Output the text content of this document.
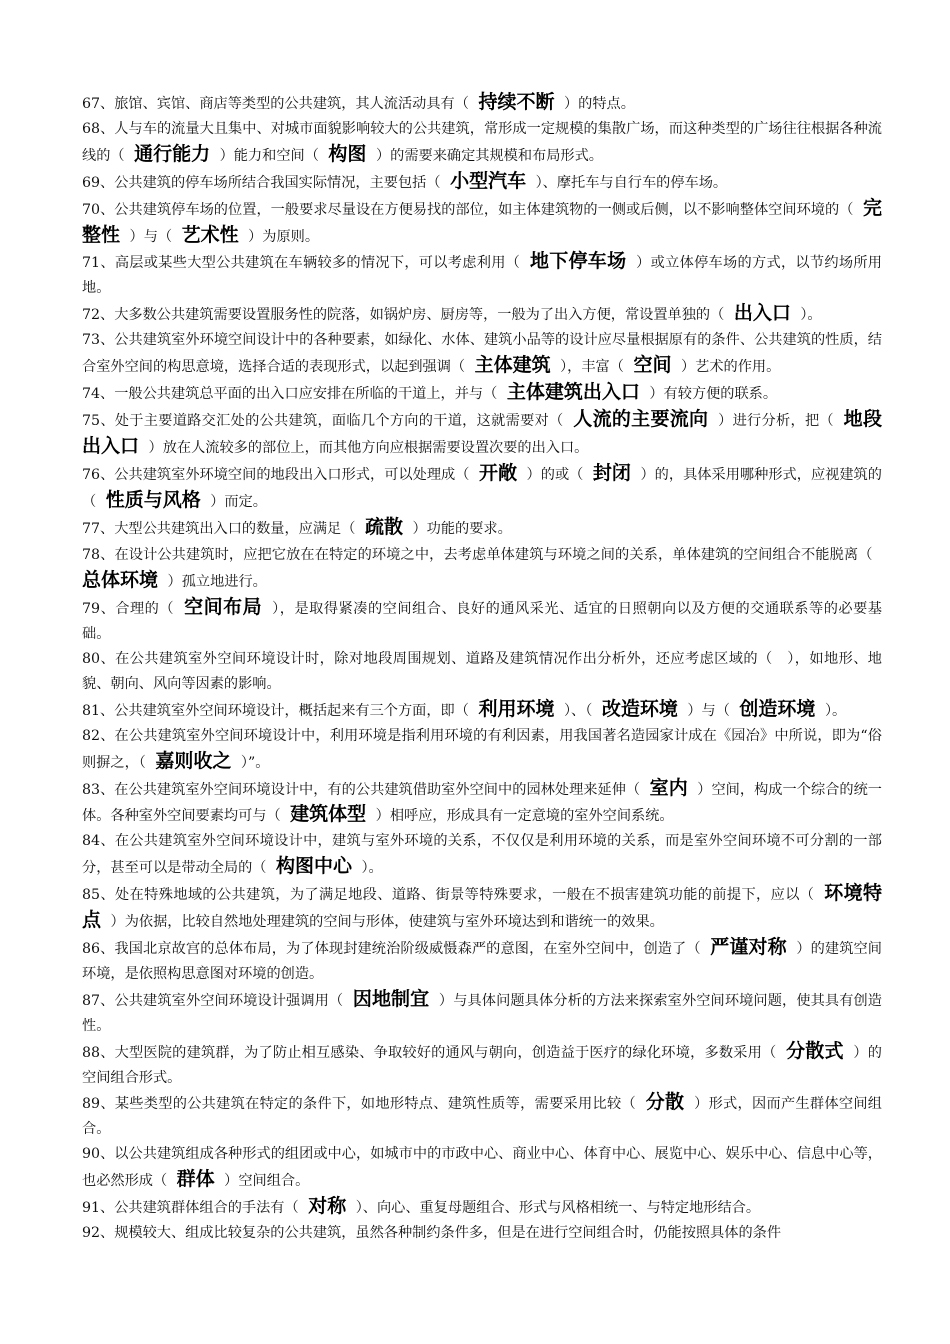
67、旅馆、宾馆、商店等类型的公共建筑，其人流活动具有（ 持续不断 ）的特点。

68、人与车的流量大且集中、对城市面貌影响较大的公共建筑，常形成一定规模的集散广场，而这种类型的广场往往根据各种流线的（ 通行能力 ）能力和空间（ 构图 ）的需要来确定其规模和布局形式。

69、公共建筑的停车场所结合我国实际情况，主要包括（ 小型汽车 ）、摩托车与自行车的停车场。

70、公共建筑停车场的位置，一般要求尽量设在方便易找的部位，如主体建筑物的一侧或后侧，以不影响整体空间环境的（ 完整性 ）与（ 艺术性 ）为原则。

71、高层或某些大型公共建筑在车辆较多的情况下，可以考虑利用（ 地下停车场 ）或立体停车场的方式，以节约场所用地。

72、大多数公共建筑需要设置服务性的院落，如锅炉房、厨房等，一般为了出入方便，常设置单独的（ 出入口 ）。

73、公共建筑室外环境空间设计中的各种要素，如绿化、水体、建筑小品等的设计应尽量根据原有的条件、公共建筑的性质，结合室外空间的构思意境，选择合适的表现形式，以起到强调（ 主体建筑 ），丰富（ 空间 ）艺术的作用。

74、一般公共建筑总平面的出入口应安排在所临的干道上，并与（ 主体建筑出入口 ）有较方便的联系。

75、处于主要道路交汇处的公共建筑，面临几个方向的干道，这就需要对（ 人流的主要流向 ）进行分析，把（ 地段出入口 ）放在人流较多的部位上，而其他方向应根据需要设置次要的出入口。

76、公共建筑室外环境空间的地段出入口形式，可以处理成（ 开敞 ）的或（ 封闭 ）的，具体采用哪种形式，应视建筑的（ 性质与风格 ）而定。

77、大型公共建筑出入口的数量，应满足（ 疏散 ）功能的要求。

78、在设计公共建筑时，应把它放在在特定的环境之中，去考虑单体建筑与环境之间的关系，单体建筑的空间组合不能脱离（ 总体环境 ）孤立地进行。

79、合理的（ 空间布局 ），是取得紧凑的空间组合、良好的通风采光、适宜的日照朝向以及方便的交通联系等的必要基础。

80、在公共建筑室外空间环境设计时，除对地段周围规划、道路及建筑情况作出分析外，还应考虑区域的（　），如地形、地貌、朝向、风向等因素的影响。

81、公共建筑室外空间环境设计，概括起来有三个方面，即（ 利用环境 ）、（ 改造环境 ）与（ 创造环境 ）。

82、在公共建筑室外空间环境设计中，利用环境是指利用环境的有利因素，用我国著名造园家计成在《园冶》中所说，即为“俗则摒之，（ 嘉则收之 ）”。

83、在公共建筑室外空间环境设计中，有的公共建筑借助室外空间中的园林处理来延伸（ 室内 ）空间，构成一个综合的统一体。各种室外空间要素均可与（ 建筑体型 ）相呼应，形成具有一定意境的室外空间系统。

84、在公共建筑室外空间环境设计中，建筑与室外环境的关系，不仅仅是利用环境的关系，而是室外空间环境不可分割的一部分，甚至可以是带动全局的（ 构图中心 ）。

85、处在特殊地域的公共建筑，为了满足地段、道路、街景等特殊要求，一般在不损害建筑功能的前提下，应以（ 环境特点 ）为依据，比较自然地处理建筑的空间与形体，使建筑与室外环境达到和谐统一的效果。

86、我国北京故宫的总体布局，为了体现封建统治阶级威慑森严的意图，在室外空间中，创造了（ 严谨对称 ）的建筑空间环境，是依照构思意图对环境的创造。

87、公共建筑室外空间环境设计强调用（ 因地制宜 ）与具体问题具体分析的方法来探索室外空间环境问题，使其具有创造性。

88、大型医院的建筑群，为了防止相互感染、争取较好的通风与朝向，创造益于医疗的绿化环境，多数采用（ 分散式 ）的空间组合形式。

89、某些类型的公共建筑在特定的条件下，如地形特点、建筑性质等，需要采用比较（ 分散 ）形式，因而产生群体空间组合。

90、以公共建筑组成各种形式的组团或中心，如城市中的市政中心、商业中心、体育中心、展览中心、娱乐中心、信息中心等，也必然形成（ 群体 ）空间组合。

91、公共建筑群体组合的手法有（ 对称 ）、向心、重复母题组合、形式与风格相统一、与特定地形结合。

92、规模较大、组成比较复杂的公共建筑，虽然各种制约条件多，但是在进行空间组合时，仍能按照具体的条件
